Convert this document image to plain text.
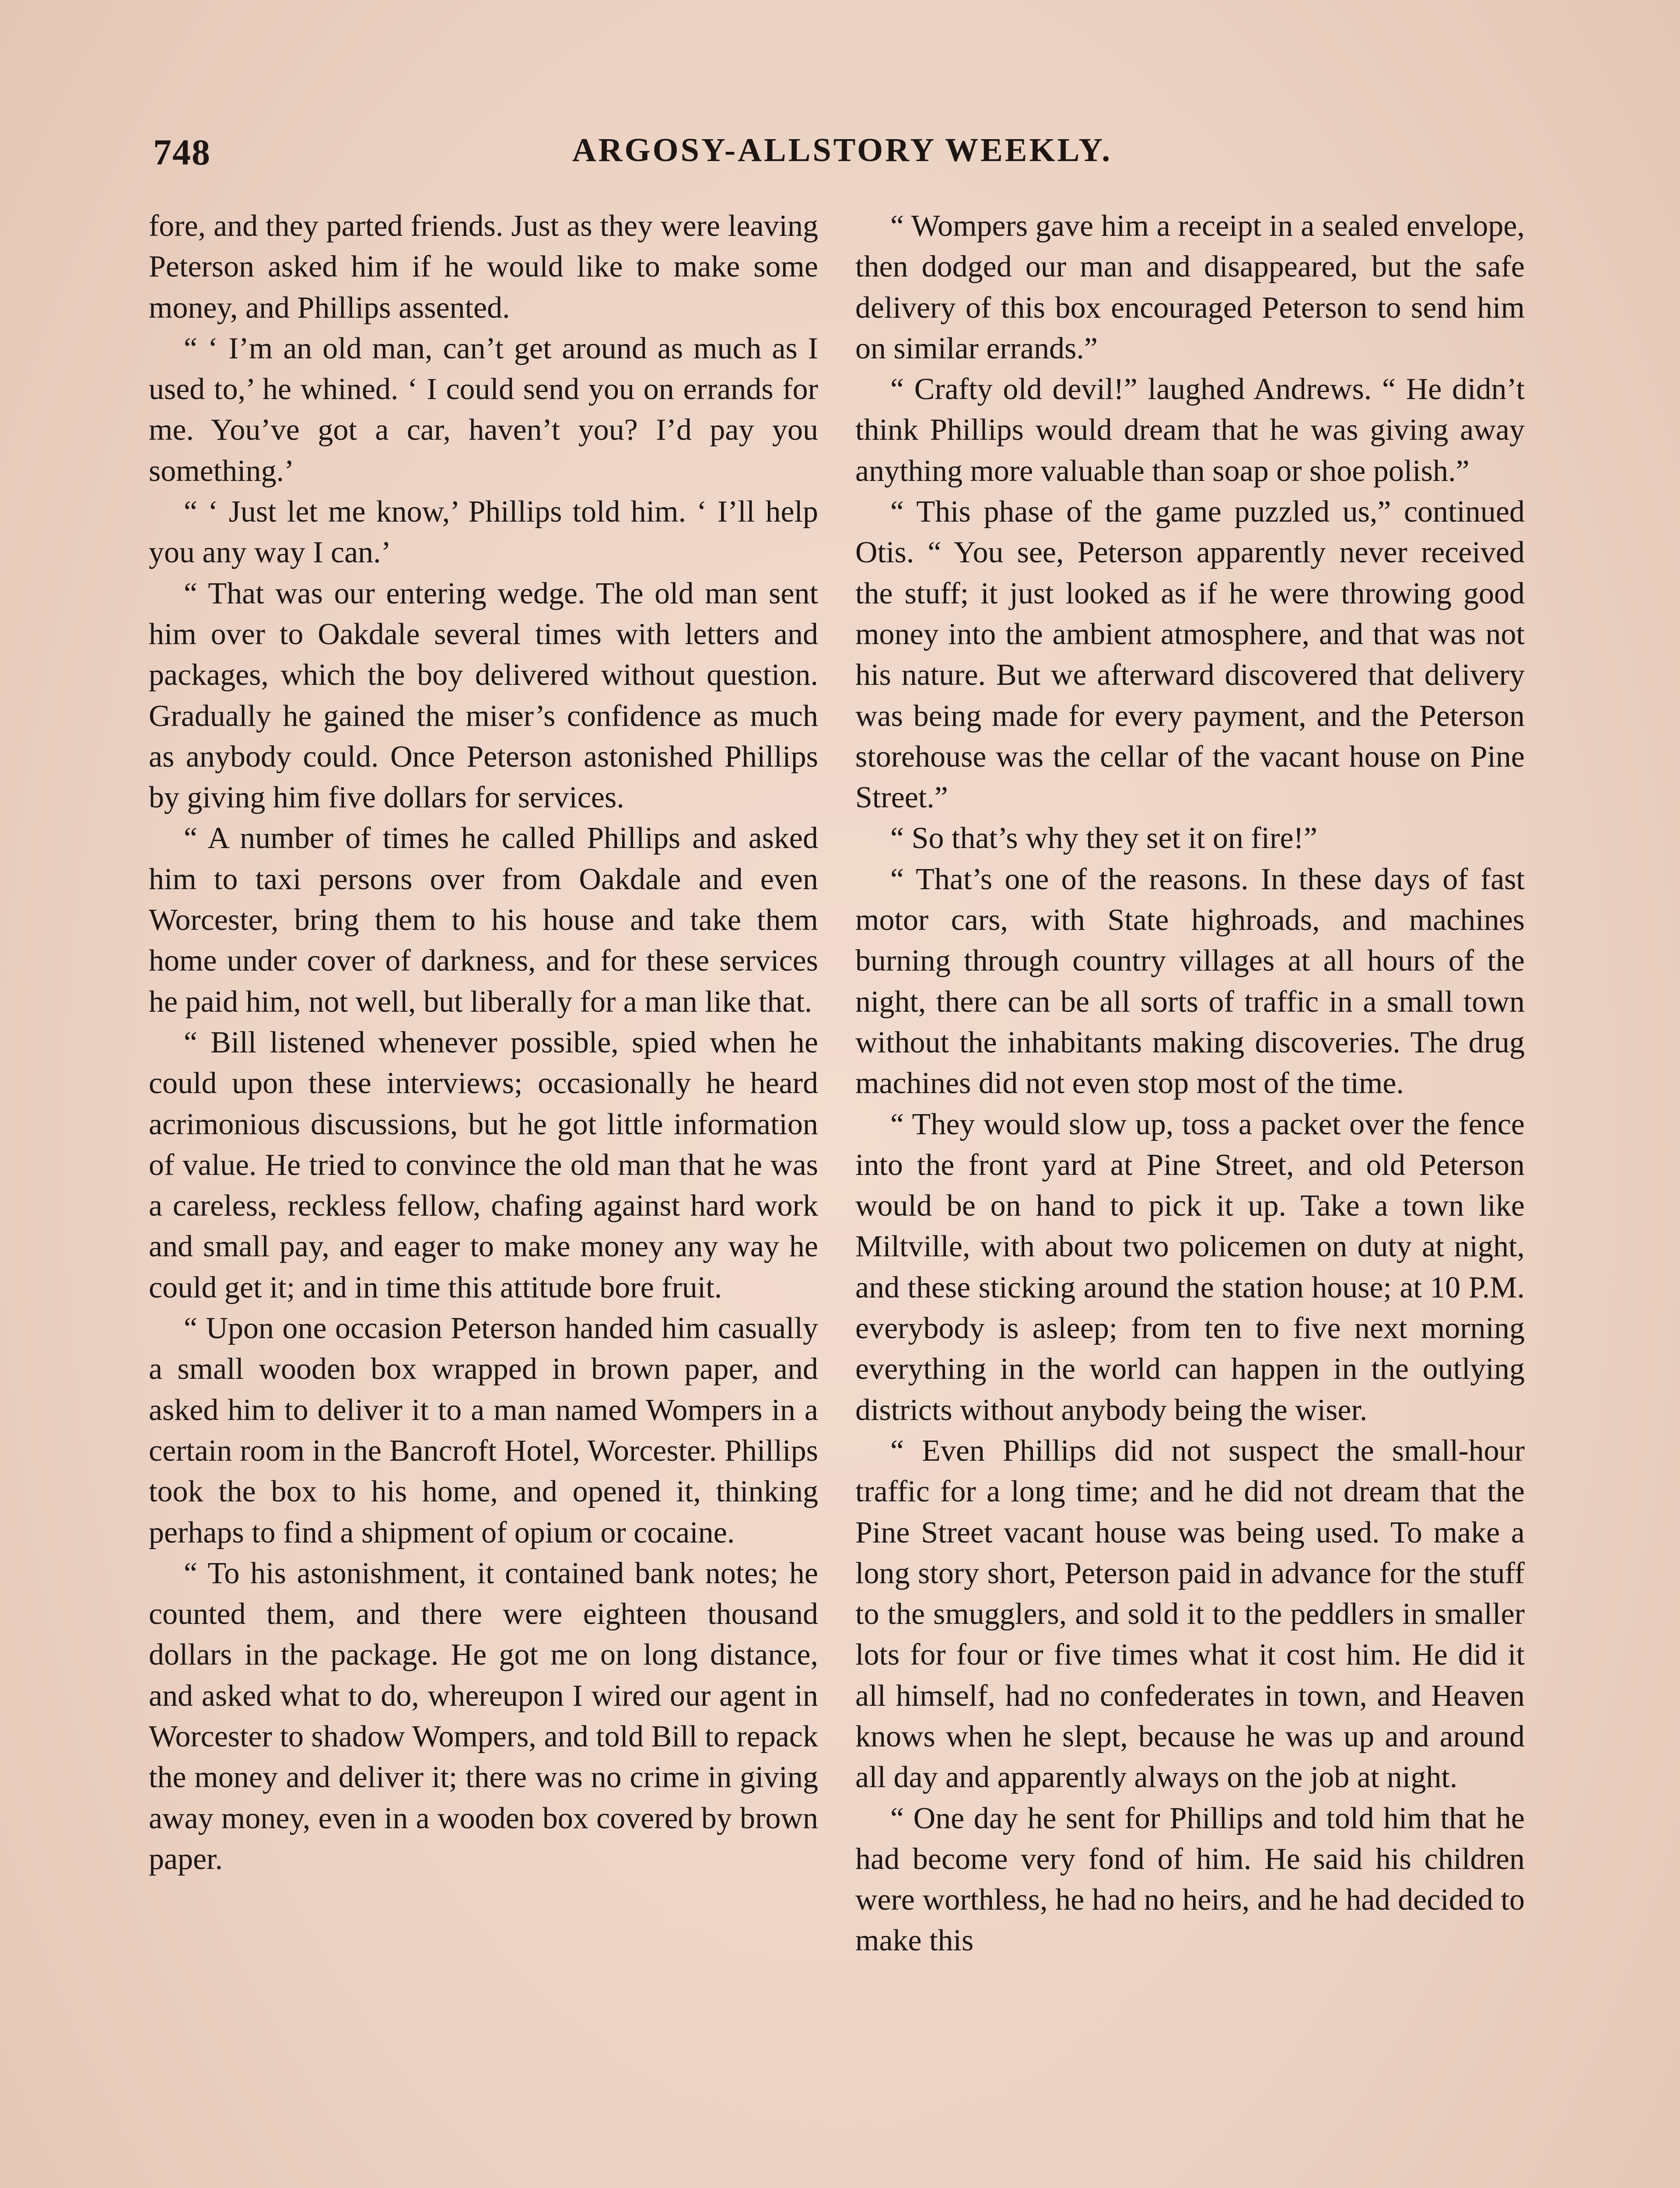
748	ARGOSY-ALLSTORY WEEKLY.

fore, and they parted friends. Just as they were leaving Peterson asked him if he would like to make some money, and Phillips assented.

“ ‘ I’m an old man, can’t get around as much as I used to,’ he whined. ‘ I could send you on errands for me. You’ve got a car, haven’t you? I’d pay you something.’

“ ‘ Just let me know,’ Phillips told him. ‘ I’ll help you any way I can.’

“ That was our entering wedge. The old man sent him over to Oakdale several times with letters and packages, which the boy delivered without question. Gradually he gained the miser’s confidence as much as anybody could. Once Peterson astonished Phillips by giving him five dollars for services.

“ A number of times he called Phillips and asked him to taxi persons over from Oakdale and even Worcester, bring them to his house and take them home under cover of darkness, and for these services he paid him, not well, but liberally for a man like that.

“ Bill listened whenever possible, spied when he could upon these interviews; occasionally he heard acrimonious discussions, but he got little information of value. He tried to convince the old man that he was a careless, reckless fellow, chafing against hard work and small pay, and eager to make money any way he could get it; and in time this attitude bore fruit.

“ Upon one occasion Peterson handed him casually a small wooden box wrapped in brown paper, and asked him to deliver it to a man named Wompers in a certain room in the Bancroft Hotel, Worcester. Phillips took the box to his home, and opened it, thinking perhaps to find a shipment of opium or cocaine.

“ To his astonishment, it contained bank notes; he counted them, and there were eighteen thousand dollars in the package. He got me on long distance, and asked what to do, whereupon I wired our agent in Worcester to shadow Wompers, and told Bill to repack the money and deliver it; there was no crime in giving away money, even in a wooden box covered by brown paper.

“ Wompers gave him a receipt in a sealed envelope, then dodged our man and disappeared, but the safe delivery of this box encouraged Peterson to send him on similar errands.”

“ Crafty old devil!” laughed Andrews. “ He didn’t think Phillips would dream that he was giving away anything more valuable than soap or shoe polish.”

“ This phase of the game puzzled us,” continued Otis. “ You see, Peterson apparently never received the stuff; it just looked as if he were throwing good money into the ambient atmosphere, and that was not his nature. But we afterward discovered that delivery was being made for every payment, and the Peterson storehouse was the cellar of the vacant house on Pine Street.”

“ So that’s why they set it on fire!”

“ That’s one of the reasons. In these days of fast motor cars, with State highroads, and machines burning through country villages at all hours of the night, there can be all sorts of traffic in a small town without the inhabitants making discoveries. The drug machines did not even stop most of the time.

“ They would slow up, toss a packet over the fence into the front yard at Pine Street, and old Peterson would be on hand to pick it up. Take a town like Miltville, with about two policemen on duty at night, and these sticking around the station house; at 10 P.M. everybody is asleep; from ten to five next morning everything in the world can happen in the outlying districts without anybody being the wiser.

“ Even Phillips did not suspect the small-hour traffic for a long time; and he did not dream that the Pine Street vacant house was being used. To make a long story short, Peterson paid in advance for the stuff to the smugglers, and sold it to the peddlers in smaller lots for four or five times what it cost him. He did it all himself, had no confederates in town, and Heaven knows when he slept, because he was up and around all day and apparently always on the job at night.

“ One day he sent for Phillips and told him that he had become very fond of him. He said his children were worthless, he had no heirs, and he had decided to make this
